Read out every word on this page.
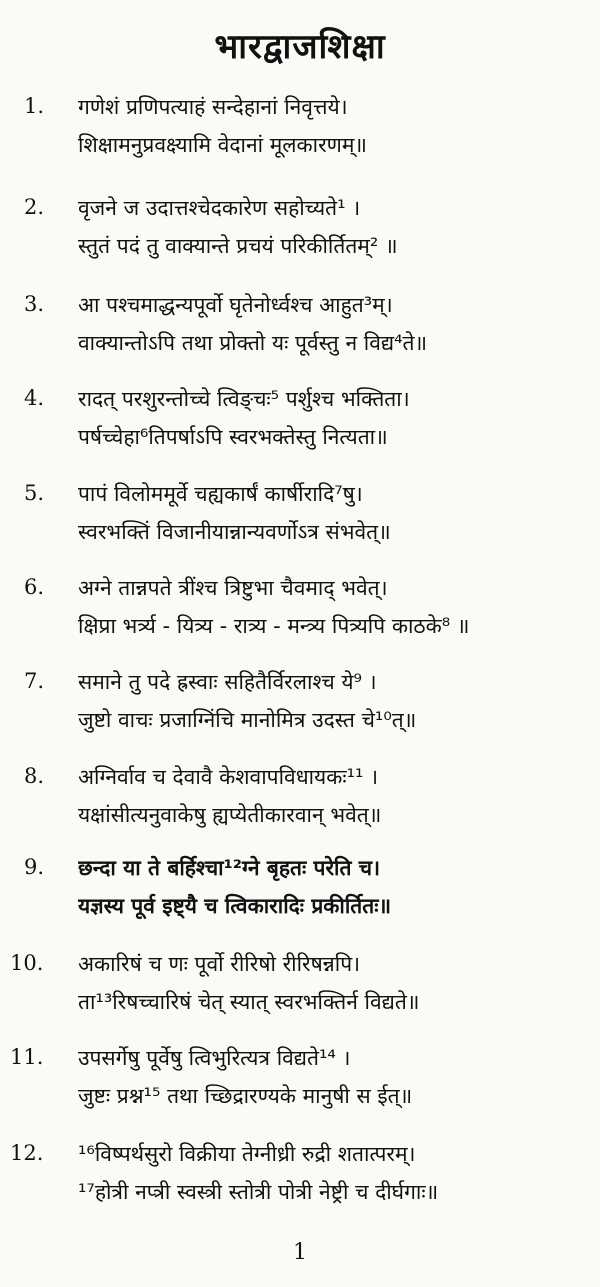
भारद्वाजशिक्षा
1. गणेशं प्रणिपत्याहं सन्देहानां निवृत्तये।
शिक्षामनुप्रवक्ष्यामि वेदानां मूलकारणम्॥
2. वृजने ज उदात्तश्चेदकारेण सहोच्यते¹ ।
स्तुतं पदं तु वाक्यान्ते प्रचयं परिकीर्तितम्² ॥
3. आ पश्चमाद्धन्यपूर्वो घृतेनोर्ध्वश्च आहुत³म्।
वाक्यान्तोऽपि तथा प्रोक्तो यः पूर्वस्तु न विद्य⁴ते॥
4. रादत् परशुरन्तोच्चे त्विङ्चः⁵ पर्शुश्च भक्तिता।
पर्षच्चेहा⁶तिपर्षाऽपि स्वरभक्तेस्तु नित्यता॥
5. पापं विलोममूर्वे चह्यकार्षं कार्षीरादि⁷षु।
स्वरभक्तिं विजानीयान्नान्यवर्णोऽत्र संभवेत्॥
6. अग्ने तान्नपते त्रींश्च त्रिष्टुभा चैवमाद् भवेत्।
क्षिप्रा भर्त्र्य - यित्र्य - रात्र्य - मन्त्र्य पित्र्यपि काठके⁸ ॥
7. समाने तु पदे ह्रस्वाः सहितैर्विरलाश्च ये⁹ ।
जुष्टो वाचः प्रजाग्निंचि मानोमित्र उदस्त चे¹⁰त्॥
8. अग्निर्वाव च देवावै केशवापविधायकः¹¹ ।
यक्षांसीत्यनुवाकेषु ह्यप्येतीकारवान् भवेत्॥
9. छन्दा या ते बर्हिश्चा¹²ग्ने बृहतः परेति च।
यज्ञस्य पूर्व इष्ट्यै च त्विकारादिः प्रकीर्तितः॥
10. अकारिषं च णः पूर्वो रीरिषो रीरिषन्नपि।
ता¹³रिषच्चारिषं चेत् स्यात् स्वरभक्तिर्न विद्यते॥
11. उपसर्गेषु पूर्वेषु त्विभुरित्यत्र विद्यते¹⁴ ।
जुष्टः प्रश्न¹⁵ तथा च्छिद्रारण्यके मानुषी स ईत्॥
12. ¹⁶विष्पर्थसुरो विक्रीया तेग्नीध्री रुद्री शतात्परम्।
¹⁷होत्री नप्त्री स्वस्त्री स्तोत्री पोत्री नेष्ट्री च दीर्घगाः॥
1
